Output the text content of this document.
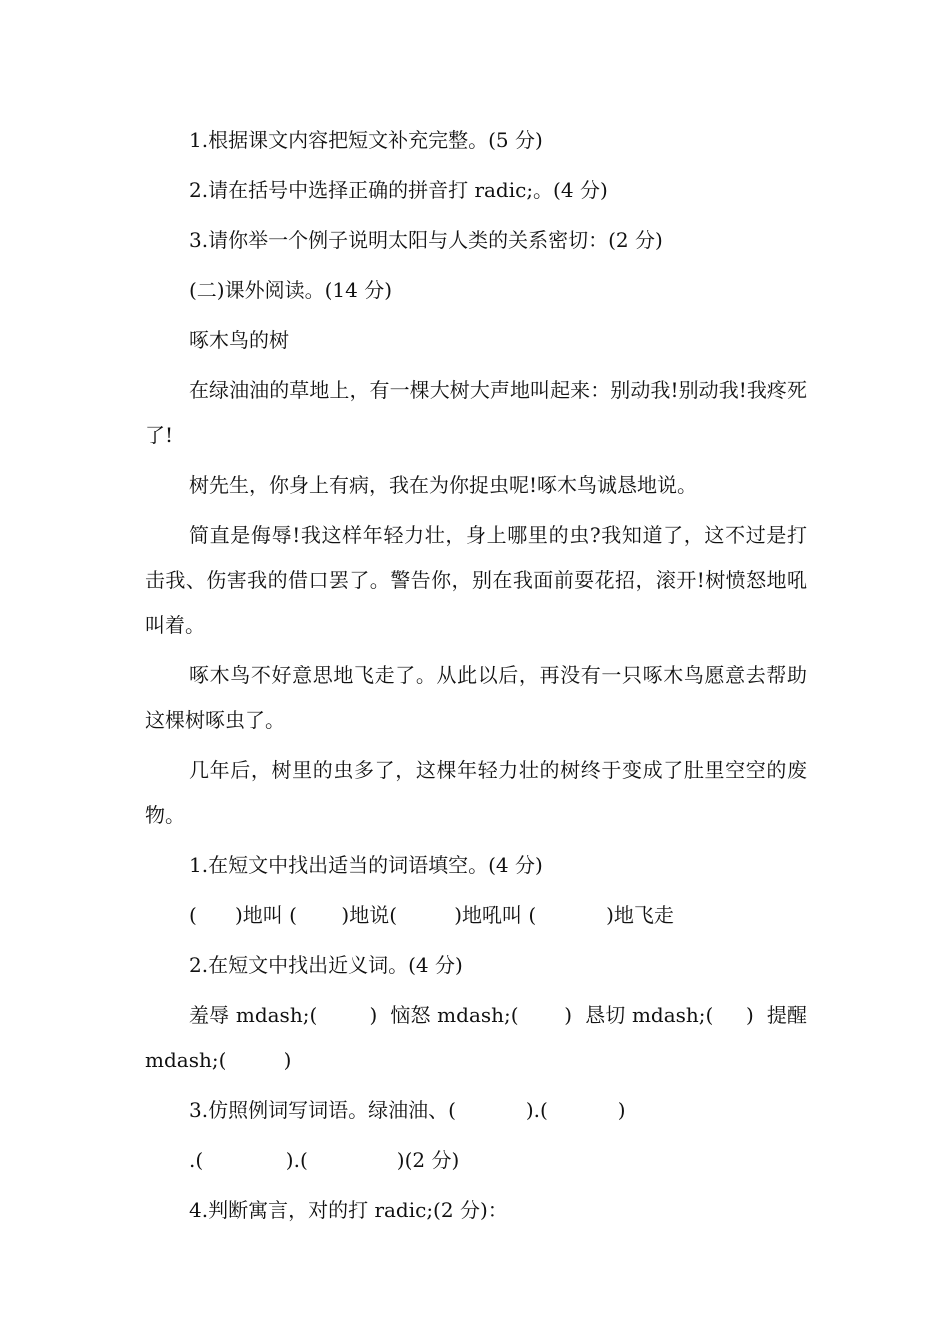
1.根据课文内容把短文补充完整。(5 分)

2.请在括号中选择正确的拼音打 radic;。(4 分)

3.请你举一个例子说明太阳与人类的关系密切：(2 分)

(二)课外阅读。(14 分)

啄木鸟的树

在绿油油的草地上，有一棵大树大声地叫起来：别动我!别动我!我疼死了!

树先生，你身上有病，我在为你捉虫呢!啄木鸟诚恳地说。

简直是侮辱!我这样年轻力壮，身上哪里的虫?我知道了，这不过是打击我、伤害我的借口罢了。警告你，别在我面前耍花招，滚开!树愤怒地吼叫着。

啄木鸟不好意思地飞走了。从此以后，再没有一只啄木鸟愿意去帮助这棵树啄虫了。

几年后，树里的虫多了，这棵年轻力壮的树终于变成了肚里空空的废物。

1.在短文中找出适当的词语填空。(4 分)

(      )地叫 (       )地说(         )地吼叫 (           )地飞走

2.在短文中找出近义词。(4 分)

羞辱 mdash;(        )  恼怒 mdash;(       )  恳切 mdash;(     )  提醒 mdash;(         )

3.仿照例词写词语。绿油油、(           ).(           )

.(             ).(              )(2 分)

4.判断寓言，对的打 radic;(2 分)：
